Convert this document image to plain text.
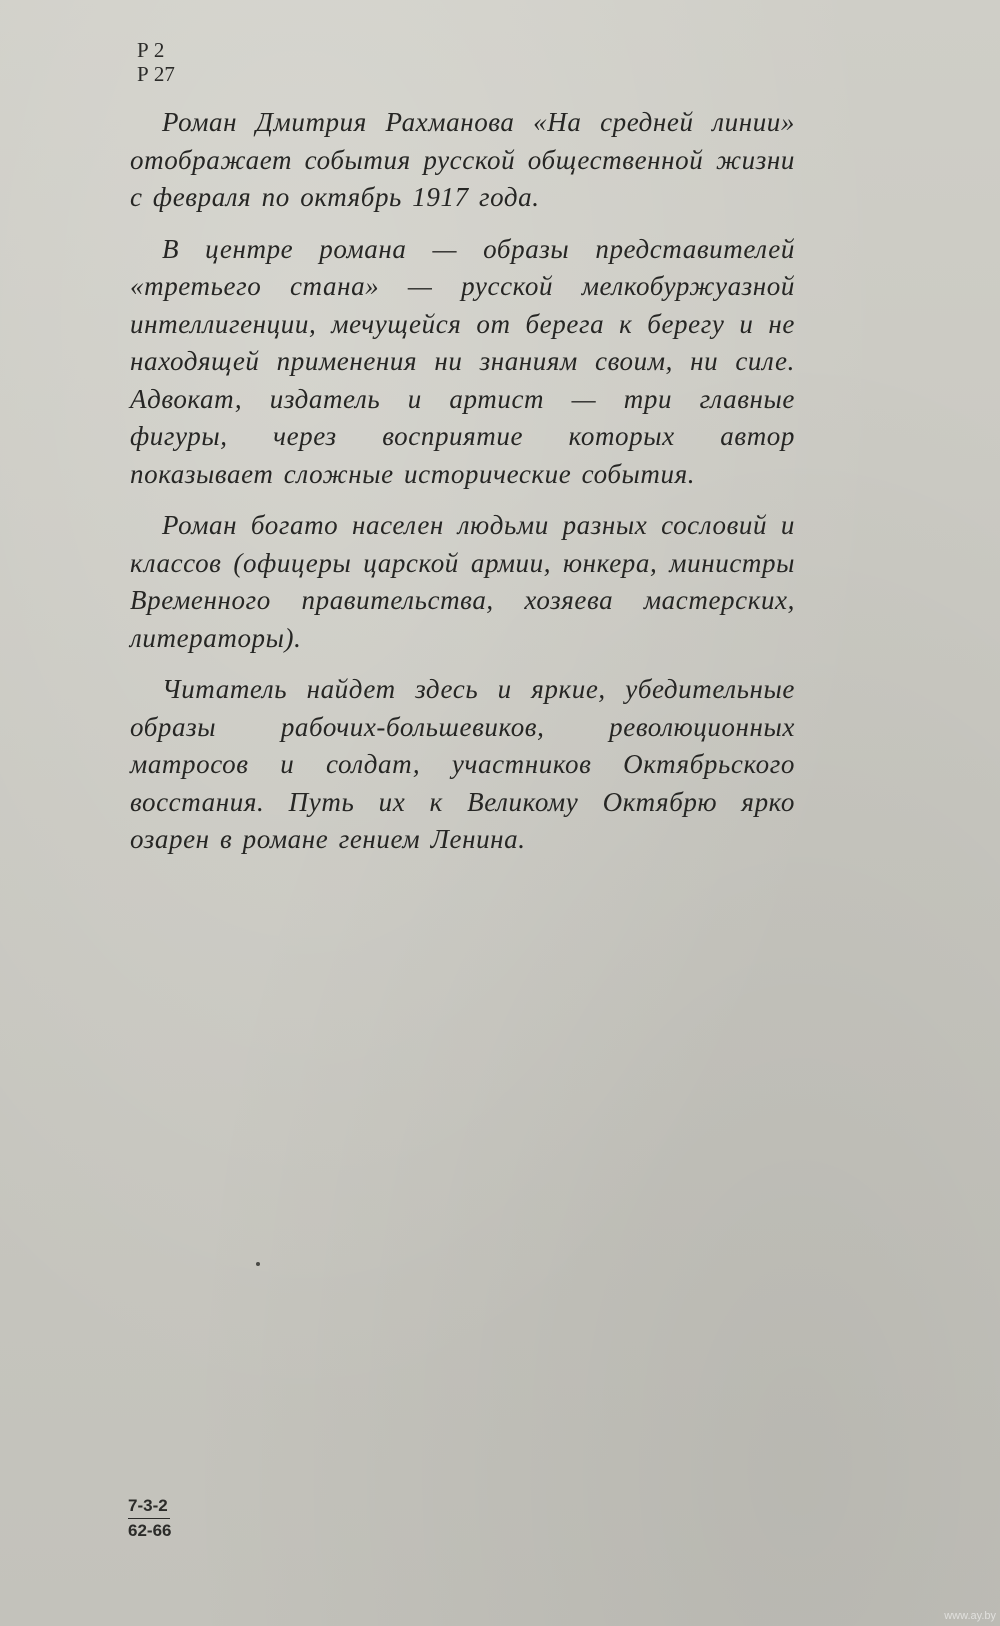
Р 2
Р 27

Роман Дмитрия Рахманова «На средней линии» отображает события русской общественной жизни с февраля по октябрь 1917 года.

В центре романа — образы представителей «третьего стана» — русской мелкобуржуазной интеллигенции, мечущейся от берега к берегу и не находящей применения ни знаниям своим, ни силе. Адвокат, издатель и артист — три главные фигуры, через восприятие которых автор показывает сложные исторические события.

Роман богато населен людьми разных сословий и классов (офицеры царской армии, юнкера, министры Временного правительства, хозяева мастерских, литераторы).

Читатель найдет здесь и яркие, убедительные образы рабочих-большевиков, революционных матросов и солдат, участников Октябрьского восстания. Путь их к Великому Октябрю ярко озарен в романе гением Ленина.

$\frac{7-3-2}{62-66}$
www.ay.by
